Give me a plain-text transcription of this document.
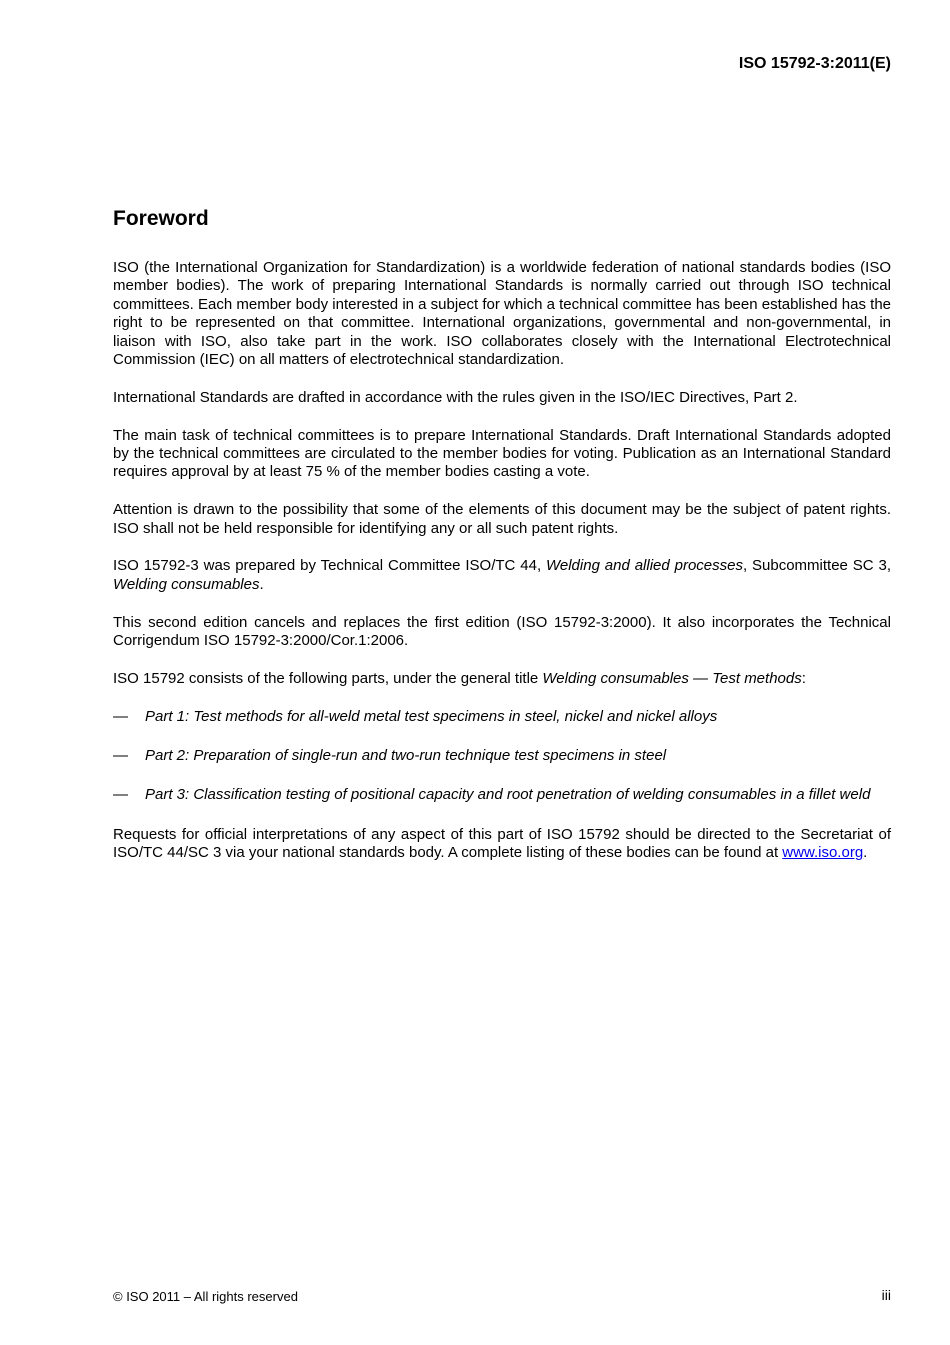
ISO 15792-3:2011(E)

Foreword

ISO (the International Organization for Standardization) is a worldwide federation of national standards bodies (ISO member bodies). The work of preparing International Standards is normally carried out through ISO technical committees. Each member body interested in a subject for which a technical committee has been established has the right to be represented on that committee. International organizations, governmental and non-governmental, in liaison with ISO, also take part in the work. ISO collaborates closely with the International Electrotechnical Commission (IEC) on all matters of electrotechnical standardization.

International Standards are drafted in accordance with the rules given in the ISO/IEC Directives, Part 2.

The main task of technical committees is to prepare International Standards. Draft International Standards adopted by the technical committees are circulated to the member bodies for voting. Publication as an International Standard requires approval by at least 75 % of the member bodies casting a vote.

Attention is drawn to the possibility that some of the elements of this document may be the subject of patent rights. ISO shall not be held responsible for identifying any or all such patent rights.

ISO 15792-3 was prepared by Technical Committee ISO/TC 44, Welding and allied processes, Subcommittee SC 3, Welding consumables.

This second edition cancels and replaces the first edition (ISO 15792-3:2000). It also incorporates the Technical Corrigendum ISO 15792-3:2000/Cor.1:2006.

ISO 15792 consists of the following parts, under the general title Welding consumables — Test methods:

— Part 1: Test methods for all-weld metal test specimens in steel, nickel and nickel alloys
— Part 2: Preparation of single-run and two-run technique test specimens in steel
— Part 3: Classification testing of positional capacity and root penetration of welding consumables in a fillet weld

Requests for official interpretations of any aspect of this part of ISO 15792 should be directed to the Secretariat of ISO/TC 44/SC 3 via your national standards body. A complete listing of these bodies can be found at www.iso.org.

© ISO 2011 – All rights reserved	iii
